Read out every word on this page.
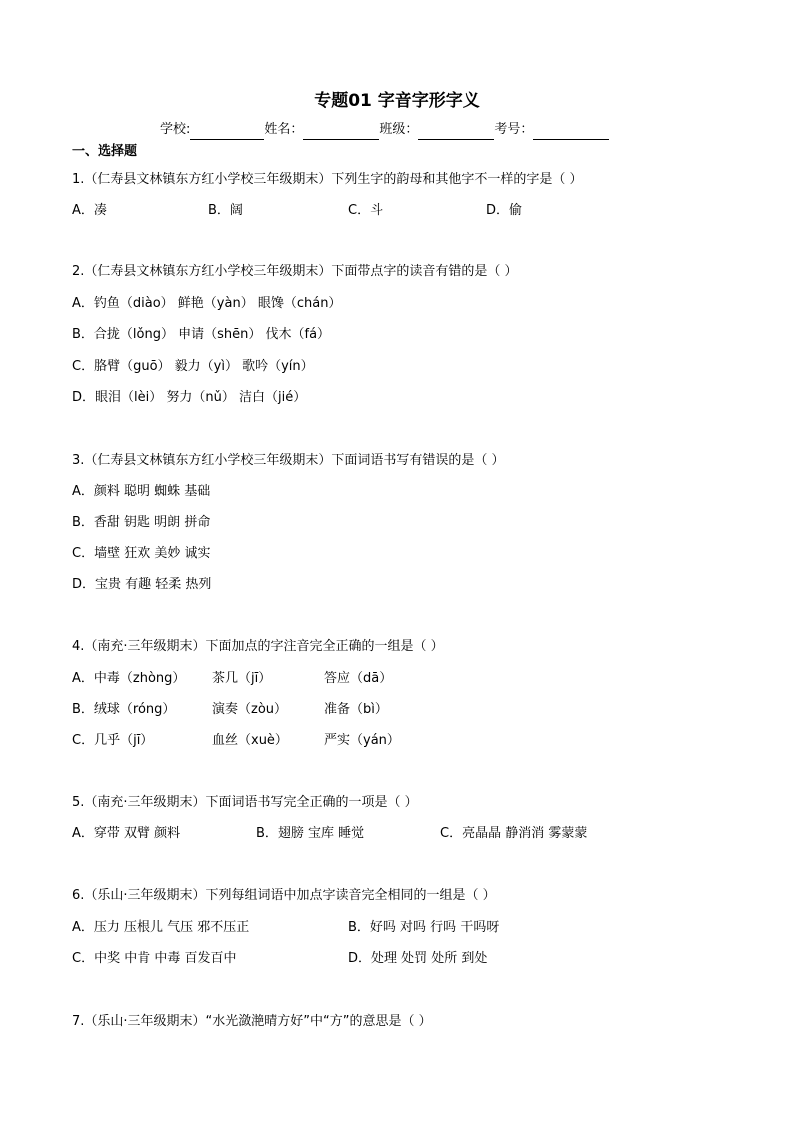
专题01 字音字形字义
学校:	姓名：	班级：	考号：
一、选择题
1.（仁寿县文林镇东方红小学校三年级期末）下列生字的韵母和其他字不一样的字是（ ）
A．凑	B．阔	C．斗	D．偷
2.（仁寿县文林镇东方红小学校三年级期末）下面带点字的读音有错的是（ ）
A．钓鱼（diào） 鲜艳（yàn） 眼馋（chán）
B．合拢（lǒng） 申请（shēn） 伐木（fá）
C．胳臂（guō） 毅力（yì） 歌吟（yín）
D．眼泪（lèi） 努力（nǔ） 洁白（jié）
3.（仁寿县文林镇东方红小学校三年级期末）下面词语书写有错误的是（ ）
A．颜料 聪明 蜘蛛 基础
B．香甜 钥匙 明朗 拼命
C．墙壁 狂欢 美妙 诚实
D．宝贵 有趣 轻柔 热列
4.（南充·三年级期末）下面加点的字注音完全正确的一组是（ ）
A．中毒（zhòng） 茶几（jī）	答应（dā）
B．绒球（róng）	演奏（zòu）	准备（bì）
C．几乎（jī）	血丝（xuè）	严实（yán）
5.（南充·三年级期末）下面词语书写完全正确的一项是（ ）
A．穿带 双臂 颜料	B．翅膀 宝库 睡觉	C．亮晶晶 静消消 雾蒙蒙
6.（乐山·三年级期末）下列每组词语中加点字读音完全相同的一组是（ ）
A．压力 压根儿 气压 邪不压正	B．好吗 对吗 行吗 干吗呀
C．中奖 中肯 中毒 百发百中	D．处理 处罚 处所 到处
7.（乐山·三年级期末）“水光潋滟晴方好”中“方”的意思是（ ）
